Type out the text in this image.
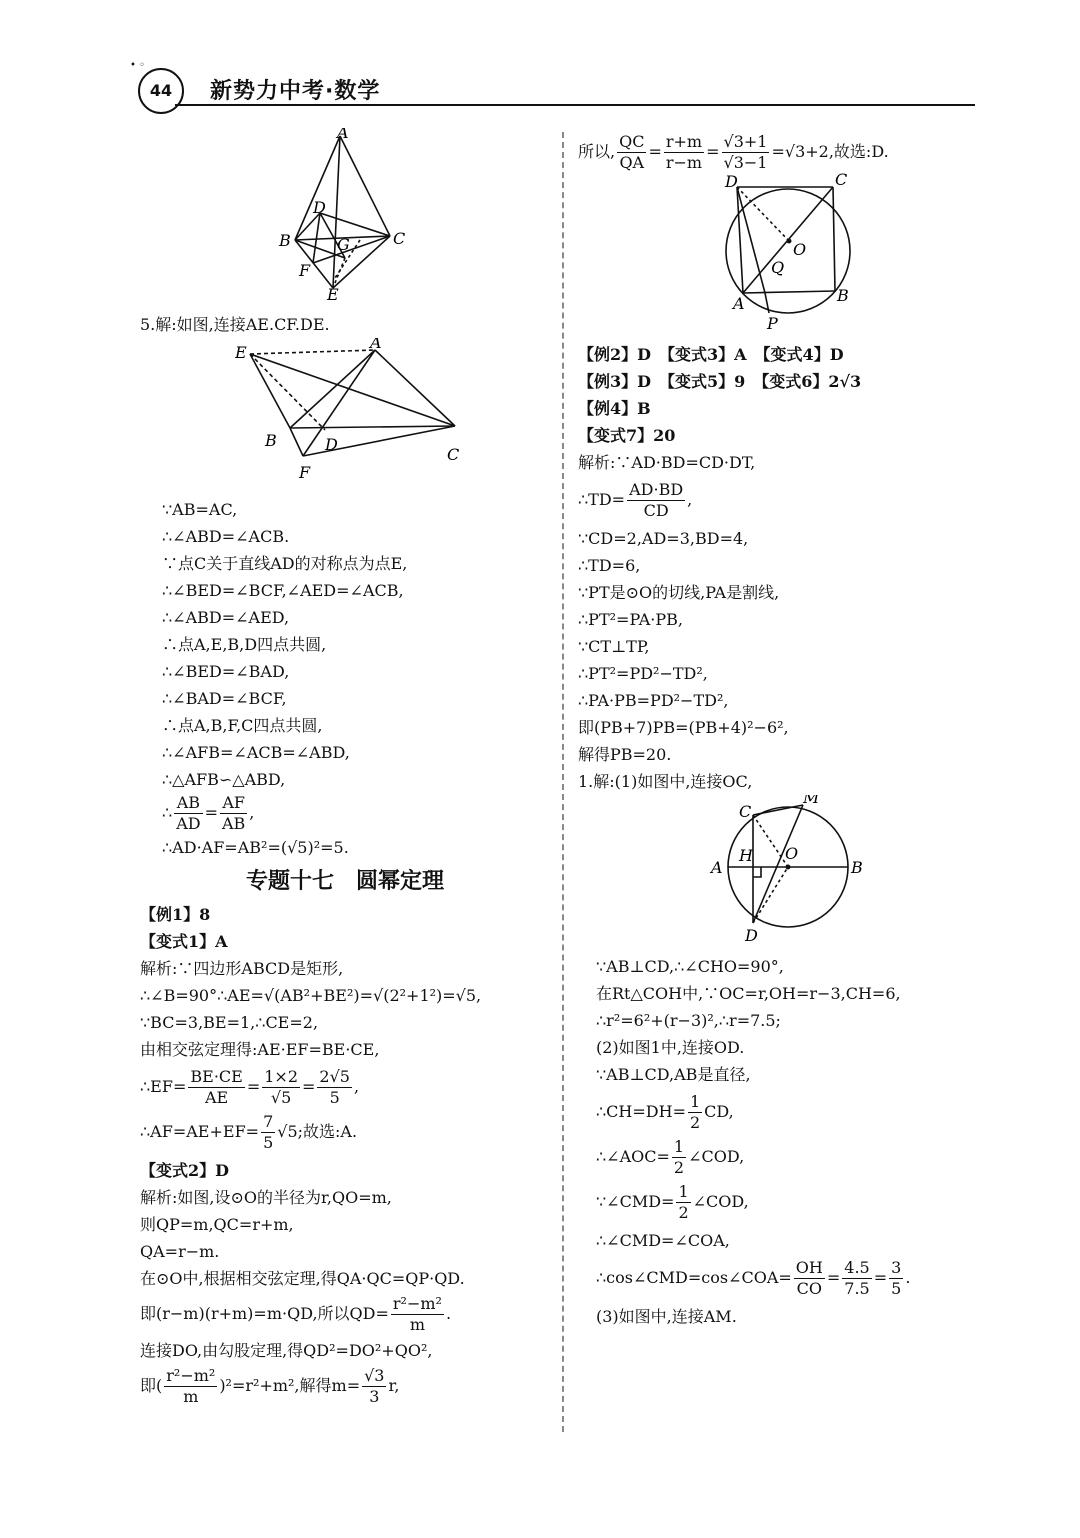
• ◦
44	新势力中考·数学
A
D
B	G	C
F
E
5.解:如图,连接AE.CF.DE.
E
A
B	D
C
F
∵AB=AC,
∴∠ABD=∠ACB.
∵点C关于直线AD的对称点为点E,
∴∠BED=∠BCF,∠AED=∠ACB,
∴∠ABD=∠AED,
∴点A,E,B,D四点共圆,
∴∠BED=∠BAD,
∴∠BAD=∠BCF,
∴点A,B,F,C四点共圆,
∴∠AFB=∠ACB=∠ABD,
∴△AFB∽△ABD,
∴ $\frac{AB}{AD} = \frac{AF}{AB}$ ,
∴AD·AF=AB²=(√5)²=5.
专题十七　圆幂定理
【例1】8
【变式1】A
解析:∵四边形ABCD是矩形,
∴∠B=90°∴AE=√(AB²+BE²)=√(2²+1²)=√5,
∵BC=3,BE=1,∴CE=2,
由相交弦定理得:AE·EF=BE·CE,
∴EF= $\frac{BE\cdot CE}{AE} = \frac{1\times 2}{√5} = \frac{2√5}{5}$ ,
∴AF=AE+EF= $\frac{7}{5} √5$;故选:A.
【变式2】D
解析:如图,设⊙O的半径为r,QO=m,
则QP=m,QC=r+m,
QA=r−m.
在⊙O中,根据相交弦定理,得QA·QC=QP·QD.
即(r−m)(r+m)=m·QD,所以$QD= \frac{\text{r²−m²}}{m}$ .
连接DO,由勾股定理,得QD²=DO²+QO²,
即( $\frac{\text{r²−m²}}{m} )^2=r^2+m^2$,解得$m= \frac{√3}{3} r$,
所以, $\frac{QC}{QA} = \frac{r+m}{r-m} = \frac{√3+1}{√3-1} =√3+2$,故选:D.
D	C
O
Q
A	B
P
【例2】D　【变式3】A　【变式4】D
【例3】D　【变式5】9　【变式6】2√3
【例4】B
【变式7】20
解析:∵AD·BD=CD·DT,
∴TD= $\frac{AD\cdot BD}{CD}$ ,
∵CD=2,AD=3,BD=4,
∴TD=6,
∵PT是⊙O的切线,PA是割线,
∴PT²=PA·PB,
∵CT⊥TP,
∴PT²=PD²−TD²,
∴PA·PB=PD²−TD²,
即(PB+7)PB=(PB+4)²−6²,
解得PB=20.
1.解:(1)如图中,连接OC,
M
C
A
H O
B
D
∵AB⊥CD,∴∠CHO=90°,
在Rt△COH中,∵OC=r,OH=r−3,CH=6,
∴r²=6²+(r−3)²,∴r=7.5;
(2)如图1中,连接OD.
∵AB⊥CD,AB是直径,
∴CH=DH= $\frac{1}{2}$ CD,
∴∠AOC= $\frac{1}{2}$ ∠COD,
∵∠CMD= $\frac{1}{2}$ ∠COD,
∴∠CMD=∠COA,
∴cos∠CMD=cos∠COA= $\frac{OH}{CO} = \frac{4.5}{7.5} = \frac{3}{5}$ .
(3)如图中,连接AM.
